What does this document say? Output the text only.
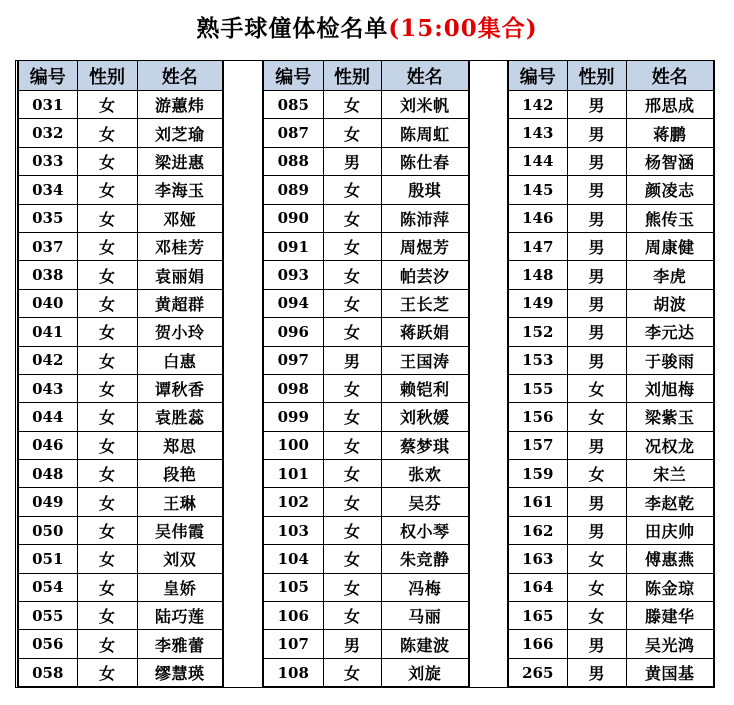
熟手球僮体检名单(15:00集合)
编号	性别	姓名
031	女	游蕙炜
032	女	刘芝瑜
033	女	梁进惠
034	女	李海玉
035	女	邓娅
037	女	邓桂芳
038	女	袁丽娟
040	女	黄超群
041	女	贺小玲
042	女	白惠
043	女	谭秋香
044	女	袁胜蕊
046	女	郑思
048	女	段艳
049	女	王琳
050	女	吴伟霞
051	女	刘双
054	女	皇娇
055	女	陆巧莲
056	女	李雅蕾
058	女	缪慧瑛
编号	性别	姓名
085	女	刘米帆
087	女	陈周虹
088	男	陈仕春
089	女	殷琪
090	女	陈沛萍
091	女	周煜芳
093	女	帕芸汐
094	女	王长芝
096	女	蒋跃娟
097	男	王国涛
098	女	赖铠利
099	女	刘秋媛
100	女	蔡梦琪
101	女	张欢
102	女	吴芬
103	女	权小琴
104	女	朱竞静
105	女	冯梅
106	女	马丽
107	男	陈建波
108	女	刘旋
编号	性别	姓名
142	男	邢思成
143	男	蒋鹏
144	男	杨智涵
145	男	颜凌志
146	男	熊传玉
147	男	周康健
148	男	李虎
149	男	胡波
152	男	李元达
153	男	于骏雨
155	女	刘旭梅
156	女	梁紫玉
157	男	况权龙
159	女	宋兰
161	男	李赵乾
162	男	田庆帅
163	女	傅惠燕
164	女	陈金琼
165	女	滕建华
166	男	吴光鸿
265	男	黄国基
